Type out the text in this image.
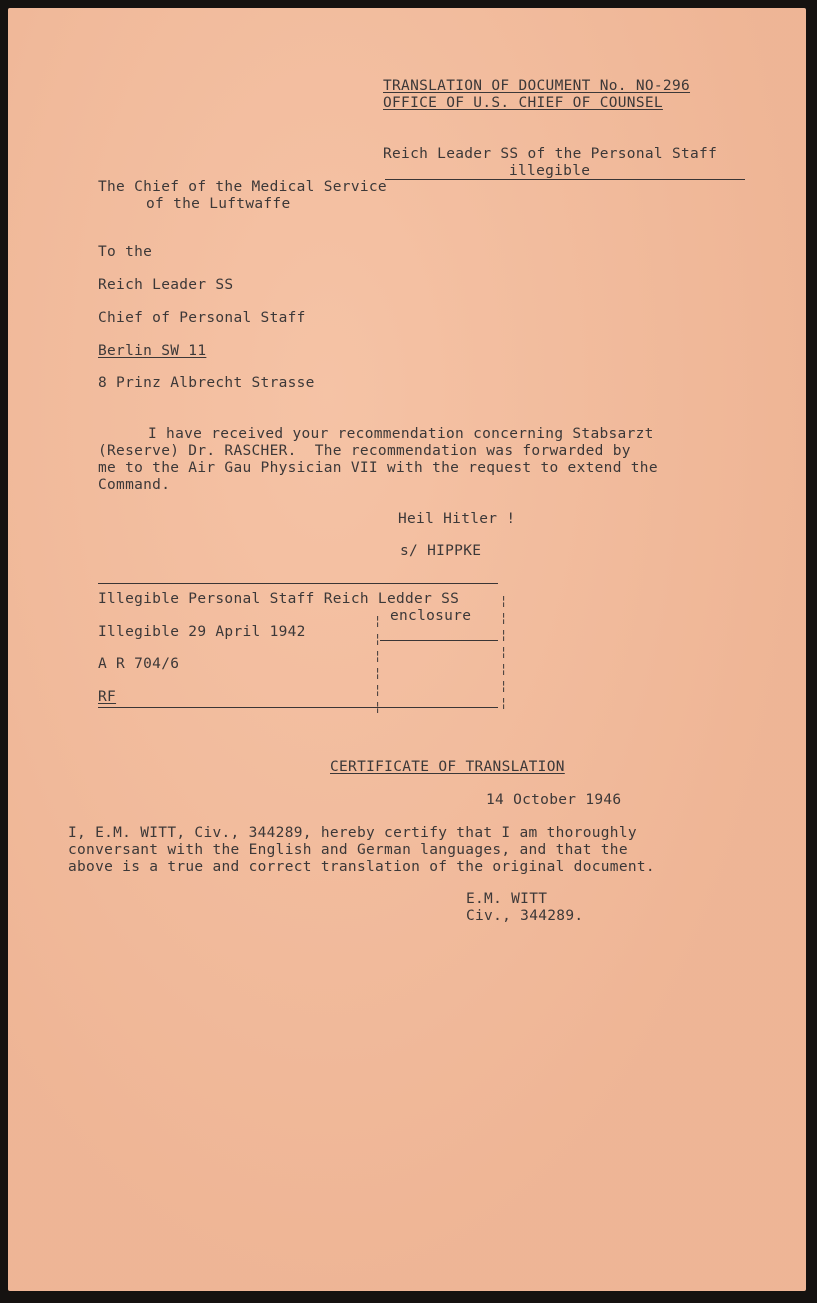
TRANSLATION OF DOCUMENT No. NO-296
OFFICE OF U.S. CHIEF OF COUNSEL
Reich Leader SS of the Personal Staff
illegible
The Chief of the Medical Service
of the Luftwaffe
To the
Reich Leader SS
Chief of Personal Staff
Berlin SW 11
8 Prinz Albrecht Strasse
I have received your recommendation concerning Stabsarzt
(Reserve) Dr. RASCHER.  The recommendation was forwarded by
me to the Air Gau Physician VII with the request to extend the
Command.
Heil Hitler !
s/ HIPPKE
Illegible Personal Staff Reich Ledder SS
enclosure
Illegible 29 April 1942
A R 704/6
RF
¦
¦
¦
¦
¦
¦
¦
¦
¦
¦
¦
¦
¦
CERTIFICATE OF TRANSLATION
14 October 1946
I, E.M. WITT, Civ., 344289, hereby certify that I am thoroughly
conversant with the English and German languages, and that the
above is a true and correct translation of the original document.
E.M. WITT
Civ., 344289.
